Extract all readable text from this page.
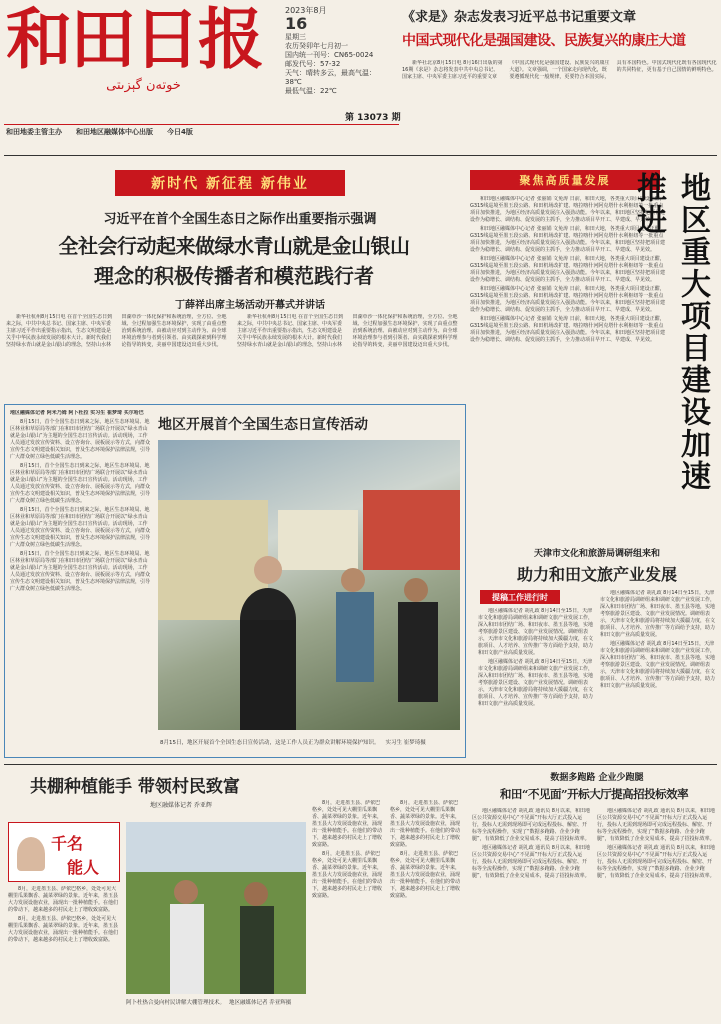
和田日报
خوتەن گېزىتى
2023年8月
16
星期三
农历癸卯年七月初一
国内统一刊号：CN65-0024
邮发代号：57-32
天气：晴转多云，最高气温：38℃
最低气温：22℃
第 13073 期
和田地委主管主办 和田地区融媒体中心出版 今日4版
《求是》杂志发表习近平总书记重要文章
中国式现代化是强国建设、民族复兴的康庄大道

新华社北京8月15日电 8月16日出版的第16期《求是》杂志将发表中共中央总书记、国家主席、中央军委主席习近平的重要文章《中国式现代化是强国建设、民族复兴的康庄大道》。文章强调，一个国家走向现代化，既要遵循现代化一般规律，更要符合本国实际，具有本国特色。中国式现代化既有各国现代化的共同特征，更有基于自己国情的鲜明特色。

新时代 新征程 新伟业
习近平在首个全国生态日之际作出重要指示强调
全社会行动起来做绿水青山就是金山银山
理念的积极传播者和模范践行者
丁薛祥出席主场活动开幕式并讲话

新华社杭州8月15日电 在首个全国生态日到来之际，中共中央总书记、国家主席、中央军委主席习近平作出重要指示指出，生态文明建设是关乎中华民族永续发展的根本大计。新时代我们坚持绿水青山就是金山银山的理念，坚持山水林田湖草沙一体化保护和系统治理，全方位、全地域、全过程加强生态环境保护，实现了由重点整治到系统治理、由被动应对到主动作为、由全球环境治理参与者到引领者、由实践探索到科学理论指导的转变，美丽中国建设迈出重大步伐。

新华社杭州8月15日电 在首个全国生态日到来之际，中共中央总书记、国家主席、中央军委主席习近平作出重要指示指出，生态文明建设是关乎中华民族永续发展的根本大计。新时代我们坚持绿水青山就是金山银山的理念，坚持山水林田湖草沙一体化保护和系统治理，全方位、全地域、全过程加强生态环境保护，实现了由重点整治到系统治理、由被动应对到主动作为、由全球环境治理参与者到引领者、由实践探索到科学理论指导的转变，美丽中国建设迈出重大步伐。

聚焦高质量发展

和田地区融媒体中心记者 张丽娟 文免涛 日前，和田大地，各类重大项目建设正酣，G315线巡境至墨玉段公路、和田机场改扩建、喀拉喀什河阿克塔什水利枢纽等一批重点项目加快推进，为地区经济高质量发展注入强劲动能。今年以来，和田地区坚持把项目建设作为稳增长、调结构、促发展的主抓手，全力推动项目早开工、早建成、早见效。

和田地区融媒体中心记者 张丽娟 文免涛 日前，和田大地，各类重大项目建设正酣，G315线巡境至墨玉段公路、和田机场改扩建、喀拉喀什河阿克塔什水利枢纽等一批重点项目加快推进，为地区经济高质量发展注入强劲动能。今年以来，和田地区坚持把项目建设作为稳增长、调结构、促发展的主抓手，全力推动项目早开工、早建成、早见效。

和田地区融媒体中心记者 张丽娟 文免涛 日前，和田大地，各类重大项目建设正酣，G315线巡境至墨玉段公路、和田机场改扩建、喀拉喀什河阿克塔什水利枢纽等一批重点项目加快推进，为地区经济高质量发展注入强劲动能。今年以来，和田地区坚持把项目建设作为稳增长、调结构、促发展的主抓手，全力推动项目早开工、早建成、早见效。

和田地区融媒体中心记者 张丽娟 文免涛 日前，和田大地，各类重大项目建设正酣，G315线巡境至墨玉段公路、和田机场改扩建、喀拉喀什河阿克塔什水利枢纽等一批重点项目加快推进，为地区经济高质量发展注入强劲动能。今年以来，和田地区坚持把项目建设作为稳增长、调结构、促发展的主抓手，全力推动项目早开工、早建成、早见效。

和田地区融媒体中心记者 张丽娟 文免涛 日前，和田大地，各类重大项目建设正酣，G315线巡境至墨玉段公路、和田机场改扩建、喀拉喀什河阿克塔什水利枢纽等一批重点项目加快推进，为地区经济高质量发展注入强劲动能。今年以来，和田地区坚持把项目建设作为稳增长、调结构、促发展的主抓手，全力推动项目早开工、早建成、早见效。 地区重大项目建设加速推进

地区融媒体记者 阿米乃姆 阿卜杜拉 实习生 崔梦琦 买尔哈巴

8月15日，首个全国生态日到来之际，地区生态环境局、地区林业和草原局等部门在和田市团结广场联合开展以“绿水青山就是金山银山”为主题的全国生态日宣传活动。活动现场，工作人员通过发放宣传资料、设立咨询台、展板展示等方式，向群众宣传生态文明建设相关知识，普及生态环境保护法律法规，引导广大群众树立绿色低碳生活理念。

8月15日，首个全国生态日到来之际，地区生态环境局、地区林业和草原局等部门在和田市团结广场联合开展以“绿水青山就是金山银山”为主题的全国生态日宣传活动。活动现场，工作人员通过发放宣传资料、设立咨询台、展板展示等方式，向群众宣传生态文明建设相关知识，普及生态环境保护法律法规，引导广大群众树立绿色低碳生活理念。

8月15日，首个全国生态日到来之际，地区生态环境局、地区林业和草原局等部门在和田市团结广场联合开展以“绿水青山就是金山银山”为主题的全国生态日宣传活动。活动现场，工作人员通过发放宣传资料、设立咨询台、展板展示等方式，向群众宣传生态文明建设相关知识，普及生态环境保护法律法规，引导广大群众树立绿色低碳生活理念。

8月15日，首个全国生态日到来之际，地区生态环境局、地区林业和草原局等部门在和田市团结广场联合开展以“绿水青山就是金山银山”为主题的全国生态日宣传活动。活动现场，工作人员通过发放宣传资料、设立咨询台、展板展示等方式，向群众宣传生态文明建设相关知识，普及生态环境保护法律法规，引导广大群众树立绿色低碳生活理念。

地区开展首个全国生态日宣传活动
8月15日，地区开展首个全国生态日宣传活动，这是工作人员正为群众讲解环境保护知识。 实习生 崔梦琦摄
天津市文化和旅游局调研组来和
助力和田文旅产业发展
提稿工作进行时

地区融媒体记者 胡礼政 8月14日至15日，天津市文化和旅游局调研组来和调研文旅产业发展工作，深入和田市团结广场、和田夜市、墨玉县等地，实地考察旅游景区建设、文旅产业发展情况。调研组表示，天津市文化和旅游局将持续加大援疆力度，在文旅项目、人才培养、宣传推广等方面给予支持，助力和田文旅产业高质量发展。

地区融媒体记者 胡礼政 8月14日至15日，天津市文化和旅游局调研组来和调研文旅产业发展工作，深入和田市团结广场、和田夜市、墨玉县等地，实地考察旅游景区建设、文旅产业发展情况。调研组表示，天津市文化和旅游局将持续加大援疆力度，在文旅项目、人才培养、宣传推广等方面给予支持，助力和田文旅产业高质量发展。

地区融媒体记者 胡礼政 8月14日至15日，天津市文化和旅游局调研组来和调研文旅产业发展工作，深入和田市团结广场、和田夜市、墨玉县等地，实地考察旅游景区建设、文旅产业发展情况。调研组表示，天津市文化和旅游局将持续加大援疆力度，在文旅项目、人才培养、宣传推广等方面给予支持，助力和田文旅产业高质量发展。

地区融媒体记者 胡礼政 8月14日至15日，天津市文化和旅游局调研组来和调研文旅产业发展工作，深入和田市团结广场、和田夜市、墨玉县等地，实地考察旅游景区建设、文旅产业发展情况。调研组表示，天津市文化和旅游局将持续加大援疆力度，在文旅项目、人才培养、宣传推广等方面给予支持，助力和田文旅产业高质量发展。

共棚种植能手 带领村民致富
地区融媒体记者 乔亚辉
千名
能人

8月，走进墨玉县、萨依巴格乡，处处可见大棚里瓜果飘香、蔬菜翠绿的景象。近年来，墨玉县大力发展设施农业，涌现出一批种植能手。在他们的带动下，越来越多的村民走上了增收致富路。

8月，走进墨玉县、萨依巴格乡，处处可见大棚里瓜果飘香、蔬菜翠绿的景象。近年来，墨玉县大力发展设施农业，涌现出一批种植能手。在他们的带动下，越来越多的村民走上了增收致富路。

阿卜杜热合曼向村民讲解大棚管理技术。 地区融媒体记者 乔亚辉摄

8月，走进墨玉县、萨依巴格乡，处处可见大棚里瓜果飘香、蔬菜翠绿的景象。近年来，墨玉县大力发展设施农业，涌现出一批种植能手。在他们的带动下，越来越多的村民走上了增收致富路。

8月，走进墨玉县、萨依巴格乡，处处可见大棚里瓜果飘香、蔬菜翠绿的景象。近年来，墨玉县大力发展设施农业，涌现出一批种植能手。在他们的带动下，越来越多的村民走上了增收致富路。

8月，走进墨玉县、萨依巴格乡，处处可见大棚里瓜果飘香、蔬菜翠绿的景象。近年来，墨玉县大力发展设施农业，涌现出一批种植能手。在他们的带动下，越来越多的村民走上了增收致富路。

8月，走进墨玉县、萨依巴格乡，处处可见大棚里瓜果飘香、蔬菜翠绿的景象。近年来，墨玉县大力发展设施农业，涌现出一批种植能手。在他们的带动下，越来越多的村民走上了增收致富路。

数据多跑路 企业少跑腿
和田“不见面”开标大厅提高招投标效率

地区融媒体记者 胡礼政 通讯员 8月以来，和田地区公共资源交易中心“不见面”开标大厅正式投入运行，投标人无需到现场即可完成远程投标、解密、开标等全流程操作，实现了“数据多跑路、企业少跑腿”，有效降低了企业交易成本，提高了招投标效率。

地区融媒体记者 胡礼政 通讯员 8月以来，和田地区公共资源交易中心“不见面”开标大厅正式投入运行，投标人无需到现场即可完成远程投标、解密、开标等全流程操作，实现了“数据多跑路、企业少跑腿”，有效降低了企业交易成本，提高了招投标效率。

地区融媒体记者 胡礼政 通讯员 8月以来，和田地区公共资源交易中心“不见面”开标大厅正式投入运行，投标人无需到现场即可完成远程投标、解密、开标等全流程操作，实现了“数据多跑路、企业少跑腿”，有效降低了企业交易成本，提高了招投标效率。

地区融媒体记者 胡礼政 通讯员 8月以来，和田地区公共资源交易中心“不见面”开标大厅正式投入运行，投标人无需到现场即可完成远程投标、解密、开标等全流程操作，实现了“数据多跑路、企业少跑腿”，有效降低了企业交易成本，提高了招投标效率。
